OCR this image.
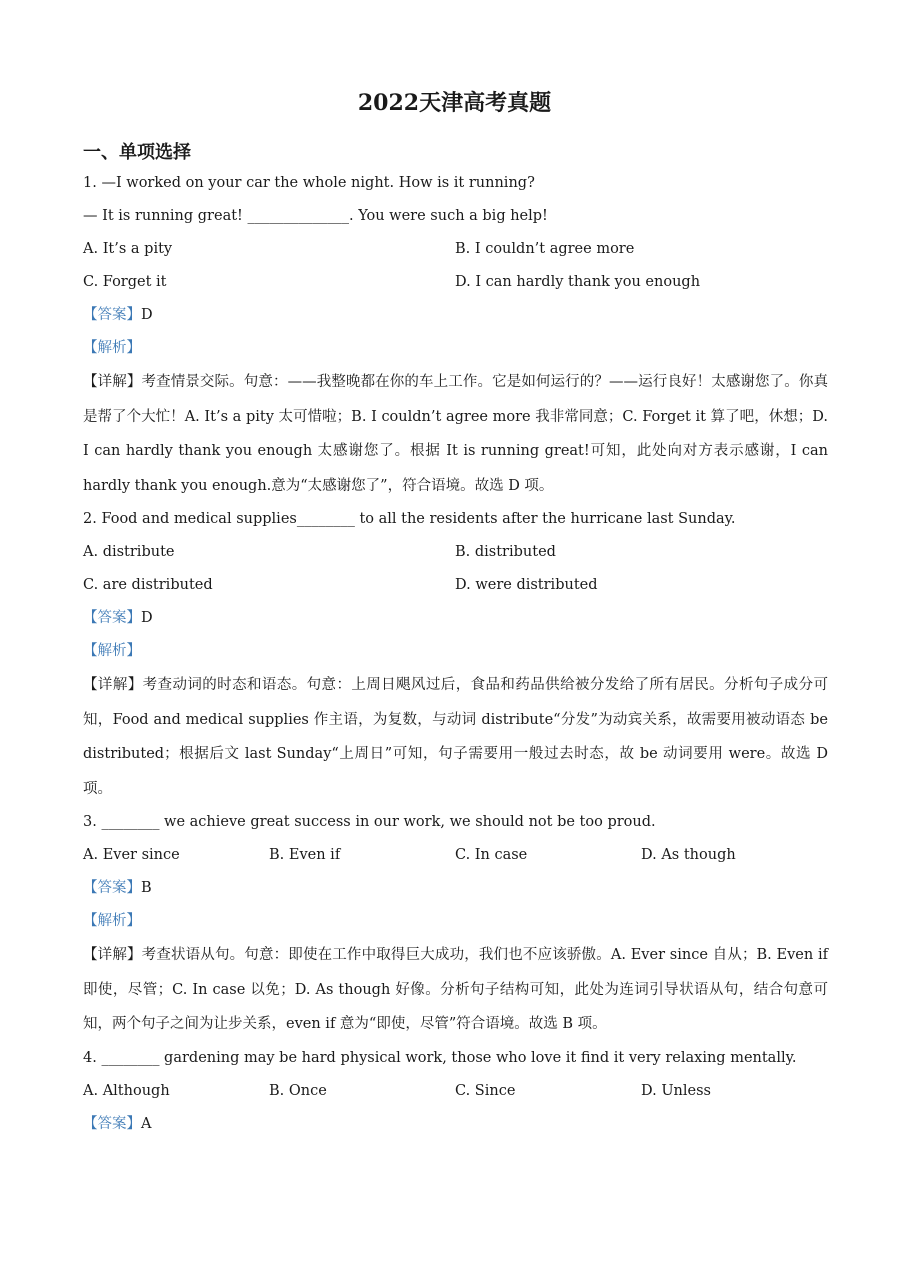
2022天津高考真题
一、单项选择
1. —I worked on your car the whole night. How is it running?
— It is running great! ______________. You were such a big help!
A. It’s a pity	B. I couldn’t agree more
C. Forget it	D. I can hardly thank you enough
【答案】D
【解析】

【详解】考查情景交际。句意：——我整晚都在你的车上工作。它是如何运行的？——运行良好！太感谢您了。你真是帮了个大忙！A. It’s a pity 太可惜啦；B. I couldn’t agree more 我非常同意；C. Forget it 算了吧，休想；D. I can hardly thank you enough 太感谢您了。根据 It is running great!可知，此处向对方表示感谢，I can hardly thank you enough.意为“太感谢您了”，符合语境。故选 D 项。

2. Food and medical supplies________ to all the residents after the hurricane last Sunday.
A. distribute	B. distributed
C. are distributed	D. were distributed
【答案】D
【解析】

【详解】考查动词的时态和语态。句意：上周日飓风过后，食品和药品供给被分发给了所有居民。分析句子成分可知，Food and medical supplies 作主语，为复数，与动词 distribute“分发”为动宾关系，故需要用被动语态 be distributed；根据后文 last Sunday“上周日”可知，句子需要用一般过去时态，故 be 动词要用 were。故选 D 项。

3. ________ we achieve great success in our work, we should not be too proud.
A. Ever since	B. Even if	C. In case	D. As though
【答案】B
【解析】

【详解】考查状语从句。句意：即使在工作中取得巨大成功，我们也不应该骄傲。A. Ever since 自从；B. Even if 即使，尽管；C. In case 以免；D. As though 好像。分析句子结构可知，此处为连词引导状语从句，结合句意可知，两个句子之间为让步关系，even if 意为“即使，尽管”符合语境。故选 B 项。

4. ________ gardening may be hard physical work, those who love it find it very relaxing mentally.
A. Although	B. Once	C. Since	D. Unless
【答案】A
